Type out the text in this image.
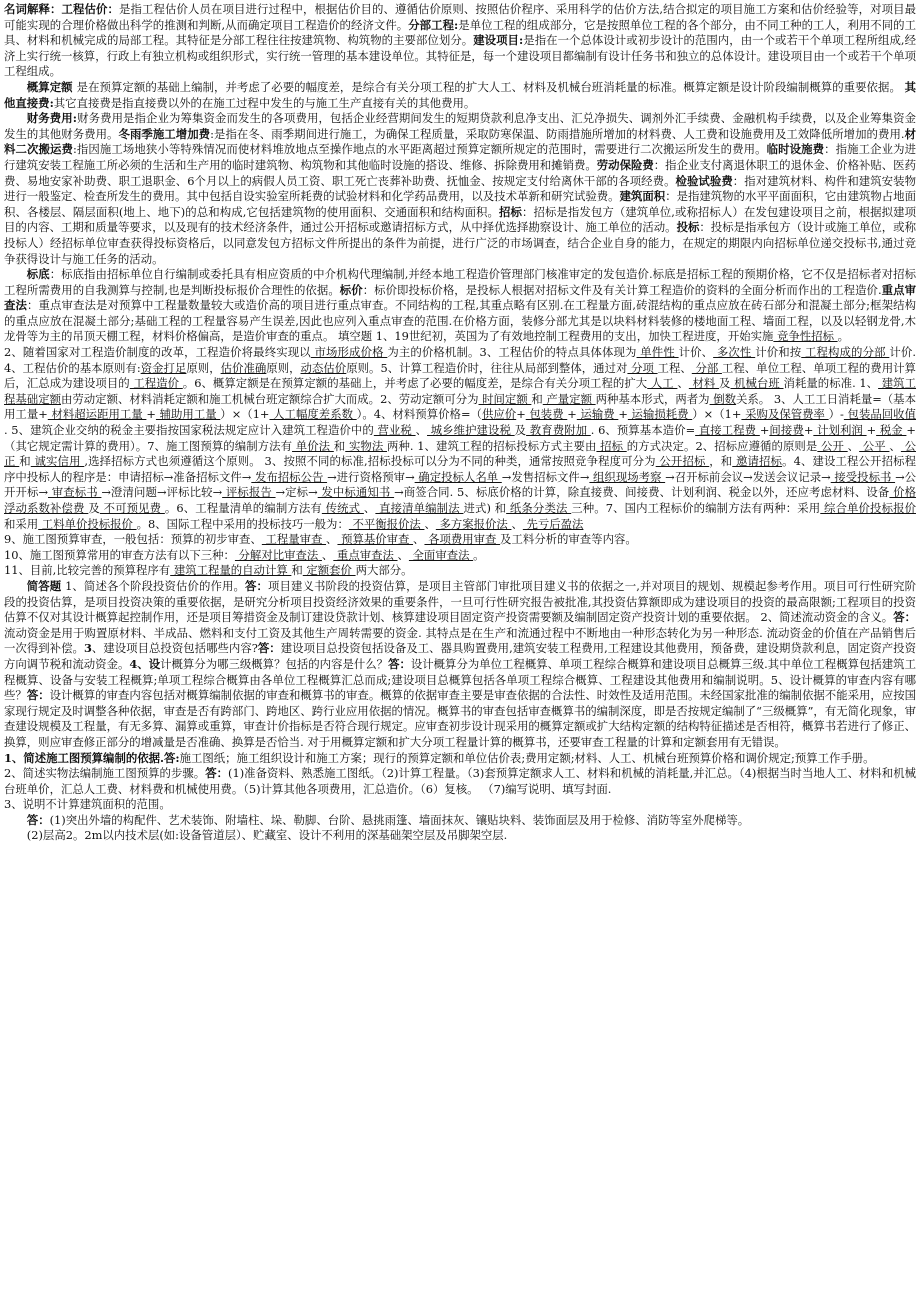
名词解释：工程估价：是指工程估价人员在项目进行过程中，根据估价目的、遵循估价原则、按照估价程序、采用科学的估价方法,结合拟定的项目施工方案和估价经验等，对项目最可能实现的合理价格做出科学的推测和判断,从而确定项目工程造价的经济文件。分部工程:是单位工程的组成部分，它是按照单位工程的各个部分，由不同工种的工人，利用不同的工具、材料和机械完成的局部工程。其特征是分部工程往往按建筑物、构筑物的主要部位划分。建设项目:是指在一个总体设计或初步设计的范围内，由一个或若干个单项工程所组成,经济上实行统一核算，行政上有独立机构或组织形式，实行统一管理的基本建设单位。其特征是，每一个建设项目都编制有设计任务书和独立的总体设计。建设项目由一个或若干个单项工程组成。

概算定额 是在预算定额的基础上编制，并考虑了必要的幅度差，是综合有关分项工程的扩大人工、材料及机械台班消耗量的标准。概算定额是设计阶段编制概算的重要依据。 其他直接费:其它直接费是指直接费以外的在施工过程中发生的与施工生产直接有关的其他费用。

财务费用:财务费用是指企业为筹集资金而发生的各项费用，包括企业经营期间发生的短期贷款利息净支出、汇兑净损失、调剂外汇手续费、金融机构手续费，以及企业筹集资金发生的其他财务费用。冬雨季施工增加费:是指在冬、雨季期间进行施工，为确保工程质量，采取防寒保温、防雨措施所增加的材料费、人工费和设施费用及工效降低所增加的费用.材料二次搬运费:指因施工场地狭小等特殊情况而使材料堆放地点至操作地点的水平距离超过预算定额所规定的范围时，需要进行二次搬运所发生的费用。临时设施费：指施工企业为进行建筑安装工程施工所必须的生活和生产用的临时建筑物、构筑物和其他临时设施的搭设、维修、拆除费用和摊销费。劳动保险费：指企业支付离退休职工的退休金、价格补贴、医药费、易地安家补助费、职工退职金、6个月以上的病假人员工资、职工死亡丧葬补助费、抚恤金、按规定支付给离休干部的各项经费。检验试验费：指对建筑材料、构件和建筑安装物进行一般鉴定、检查所发生的费用。其中包括自设实验室所耗费的试验材料和化学药品费用，以及技术革新和研究试验费。建筑面积：是指建筑物的水平平面面积，它由建筑物占地面积、各楼层、隔层面积(地上、地下)的总和构成,它包括建筑物的使用面积、交通面积和结构面积。招标：招标是指发包方（建筑单位,或称招标人）在发包建设项目之前，根据拟建项目的内容、工期和质量等要求，以及现有的技术经济条件，通过公开招标或邀请招标方式，从中择优选择勘察设计、施工单位的活动。投标：投标是指承包方（设计或施工单位，或称投标人）经招标单位审查获得投标资格后，以同意发包方招标文件所提出的条件为前提，进行广泛的市场调查，结合企业自身的能力，在规定的期限内向招标单位递交投标书,通过竞争获得设计与施工任务的活动。

标底：标底指由招标单位自行编制或委托具有相应资质的中介机构代理编制,并经本地工程造价管理部门核准审定的发包造价.标底是招标工程的预期价格，它不仅是招标者对招标工程所需费用的自我测算与控制,也是判断投标报价合理性的依据。标价：标价即投标价格，是投标人根据对招标文件及有关计算工程造价的资料的全面分析而作出的工程造价.重点审查法：重点审查法是对预算中工程量数量较大或造价高的项目进行重点审查。不同结构的工程,其重点略有区别.在工程量方面,砖混结构的重点应放在砖石部分和混凝土部分;框架结构的重点应放在混凝土部分;基础工程的工程量容易产生误差,因此也应列入重点审查的范围.在价格方面，装修分部尤其是以块料材料装修的楼地面工程、墙面工程，以及以轻钢龙骨,木龙骨等为主的吊顶天棚工程，材料价格偏高，是造价审查的重点。 填空题 1、19世纪初，英国为了有效地控制工程费用的支出，加快工程进度，开始实施 竞争性招标 。

2、随着国家对工程造价制度的改革，工程造价将最终实现以 市场形成价格 为主的价格机制。3、工程估价的特点具体体现为 单件性 计价、 多次性 计价和按 工程构成的分部 计价. 4、工程估价的基本原则有:资金打足原则，估价准确原则，动态估价原则。5、计算工程造价时，往往从局部到整体，通过对 分项 工程、 分部 工程、单位工程、单项工程的费用计算后，汇总成为建设项目的 工程造价 。6、概算定额是在预算定额的基础上，并考虑了必要的幅度差，是综合有关分项工程的扩大 人工 、 材料 及 机械台班 消耗量的标准. 1、 建筑工程基础定额由劳动定额、材料消耗定额和施工机械台班定额综合扩大而成。2、劳动定额可分为 时间定额 和 产量定额 两种基本形式，两者为 倒数关系。 3、人工工日消耗量=（基本用工量+ 材料超运距用工量 + 辅助用工量 ）×（1+ 人工幅度差系数 ）。4、材料预算价格=（供应价+ 包装费 + 运输费 + 运输损耗费 ）×（1+ 采购及保管费率 ）- 包装品回收值 . 5、建筑企业交纳的税金主要指按国家税法规定应计入建筑工程造价中的 营业税 、 城乡维护建设税 及 教育费附加 . 6、预算基本造价= 直接工程费 +间接费+ 计划利润 + 税金 +（其它规定需计算的费用）。7、施工图预算的编制方法有 单价法 和 实物法 两种. 1、建筑工程的招标投标方式主要由 招标 的方式决定。2、招标应遵循的原则是 公开 、 公平 、 公正 和 诚实信用 ,选择招标方式也须遵循这个原则。 3、按照不同的标准,招标投标可以分为不同的种类，通常按照竞争程度可分为 公开招标 ，和 邀请招标。4、建设工程公开招标程序中投标人的程序是：申请招标→准备招标文件→ 发布招标公告 →进行资格预审→ 确定投标人名单 →发售招标文件→ 组织现场考察 →召开标前会议→发送会议记录→ 接受投标书 →公开开标→ 审查标书 →澄清问题→评标比较→ 评标报告 →定标→ 发中标通知书 →商签合同. 5、标底价格的计算，除直接费、间接费、计划利润、税金以外，还应考虑材料、设备 价格浮动系数补偿费 及 不可预见费 。6、工程量清单的编制方法有 传统式 、 直接清单编制法 进式) 和 纸条分类法 三种。7、国内工程标价的编制方法有两种：采用 综合单价投标报价 和采用 工料单价投标报价 。8、国际工程中采用的投标技巧一般为： 不平衡报价法 、 多方案报价法 、 先亏后盈法

9、施工图预算审查，一般包括：预算的初步审查、 工程量审查 、 预算基价审查 、 各项费用审查 及工料分析的审查等内容。

10、施工图预算常用的审查方法有以下三种： 分解对比审查法 、 重点审查法 、 全面审查法 。

11、目前,比较完善的预算程序有 建筑工程量的自动计算 和 定额套价 两大部分。

简答题 1、简述各个阶段投资估价的作用。答：项目建义书阶段的投资估算，是项目主管部门审批项目建义书的依据之一,并对项目的规划、规模起参考作用。项目可行性研究阶段的投资估算，是项目投资决策的重要依据，是研究分析项目投资经济效果的重要条件，一旦可行性研究报告被批准,其投资估算额即成为建设项目的投资的最高限额;工程项目的投资估算不仅对其设计概算起控制作用，还是项目筹措资金及制订建设贷款计划、核算建设项目固定资产投资需要额及编制固定资产投资计划的重要依据。 2、简述流动资金的含义。答：流动资金是用于购置原材料、半成品、燃料和支付工资及其他生产周转需要的资金. 其特点是在生产和流通过程中不断地由一种形态转化为另一种形态. 流动资金的价值在产品销售后一次得到补偿。3、建设项目总投资包括哪些内容?答：建设项目总投资包括设备及工、器具购置费用,建筑安装工程费用,工程建设其他费用，预备费，建设期贷款利息，固定资产投资方向调节税和流动资金。4、设计概算分为哪三级概算？包括的内容是什么？答：设计概算分为单位工程概算、单项工程综合概算和建设项目总概算三级.其中单位工程概算包括建筑工程概算、设备与安装工程概算;单项工程综合概算由各单位工程概算汇总而成;建设项目总概算包括各单项工程综合概算、工程建设其他费用和编制说明。5、设计概算的审查内容有哪些？答：设计概算的审查内容包括对概算编制依据的审查和概算书的审查。概算的依据审查主要是审查依据的合法性、时效性及适用范围。未经国家批准的编制依据不能采用，应按国家现行规定及时调整各种依据，审查是否有跨部门、跨地区、跨行业应用依据的情况。概算书的审查包括审查概算书的编制深度，即是否按规定编制了“三级概算”，有无简化现象，审查建设规模及工程量，有无多算、漏算或重算，审查计价指标是否符合现行规定。应审查初步设计现采用的概算定额或扩大结构定额的结构特征描述是否相符，概算书若进行了修正、换算，则应审查修正部分的增减量是否准确、换算是否恰当. 对于用概算定额和扩大分项工程量计算的概算书，还要审查工程量的计算和定额套用有无错误。

1、简述施工图预算编制的依据.答:施工图纸；施工组织设计和施工方案；现行的预算定额和单位估价表;费用定额;材料、人工、机械台班预算价格和调价规定;预算工作手册。

2、简述实物法编制施工图预算的步骤。答：(1)准备资料、熟悉施工图纸。（2)计算工程量。（3)套预算定额求人工、材料和机械的消耗量,并汇总。（4)根据当时当地人工、材料和机械台班单价，汇总人工费、材料费和机械使用费。（5)计算其他各项费用，汇总造价。（6）复核。 （7)编写说明、填写封面.

3、说明不计算建筑面积的范围。

答：(1)突出外墙的构配件、艺术装饰、附墙柱、垛、勒脚、台阶、悬挑雨篷、墙面抹灰、镶贴块料、装饰面层及用于检修、消防等室外爬梯等。

(2)层高2。2m以内技术层(如:设备管道层）、贮藏室、设计不利用的深基础架空层及吊脚架空层.
